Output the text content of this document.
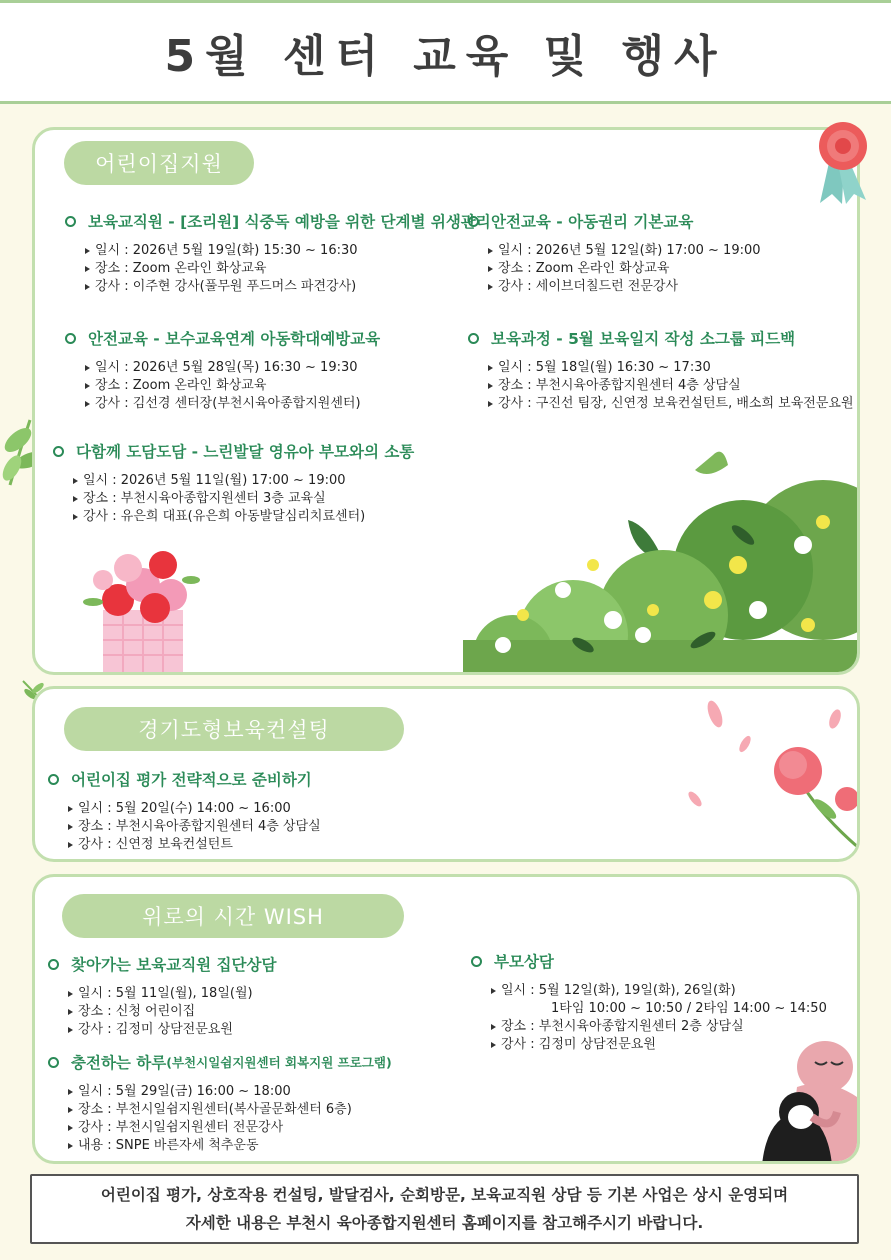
5월 센터 교육 및 행사
어린이집지원
보육교직원 - [조리원] 식중독 예방을 위한 단계별 위생관리
일시 : 2026년 5월 19일(화) 15:30 ~ 16:30
장소 : Zoom 온라인 화상교육
강사 : 이주현 강사(풀무원 푸드머스 파견강사)
안전교육 - 아동권리 기본교육
일시 : 2026년 5월 12일(화) 17:00 ~ 19:00
장소 : Zoom 온라인 화상교육
강사 : 세이브더칠드런 전문강사
안전교육 - 보수교육연계 아동학대예방교육
일시 : 2026년 5월 28일(목) 16:30 ~ 19:30
장소 : Zoom 온라인 화상교육
강사 : 김선경 센터장(부천시육아종합지원센터)
보육과정 - 5월 보육일지 작성 소그룹 피드백
일시 : 5월 18일(월) 16:30 ~ 17:30
장소 : 부천시육아종합지원센터 4층 상담실
강사 : 구진선 팀장, 신연정 보육컨설턴트, 배소희 보육전문요원
다함께 도담도담 - 느린발달 영유아 부모와의 소통
일시 : 2026년 5월 11일(월) 17:00 ~ 19:00
장소 : 부천시육아종합지원센터 3층 교육실
강사 : 유은희 대표(유은희 아동발달심리치료센터)
경기도형보육컨설팅
어린이집 평가 전략적으로 준비하기
일시 : 5월 20일(수) 14:00 ~ 16:00
장소 : 부천시육아종합지원센터 4층 상담실
강사 : 신연정 보육컨설턴트
위로의 시간 WISH
찾아가는 보육교직원 집단상담
일시 : 5월 11일(월), 18일(월)
장소 : 신청 어린이집
강사 : 김정미 상담전문요원
부모상담
일시 : 5월 12일(화), 19일(화), 26일(화)
1타임 10:00 ~ 10:50 / 2타임 14:00 ~ 14:50
장소 : 부천시육아종합지원센터 2층 상담실
강사 : 김정미 상담전문요원
충전하는 하루 (부천시일쉼지원센터 회복지원 프로그램)
일시 : 5월 29일(금) 16:00 ~ 18:00
장소 : 부천시일쉼지원센터(복사골문화센터 6층)
강사 : 부천시일쉼지원센터 전문강사
내용 : SNPE 바른자세 척추운동
어린이집 평가, 상호작용 컨설팅, 발달검사, 순회방문, 보육교직원 상담 등 기본 사업은 상시 운영되며
자세한 내용은 부천시 육아종합지원센터 홈페이지를 참고해주시기 바랍니다.
